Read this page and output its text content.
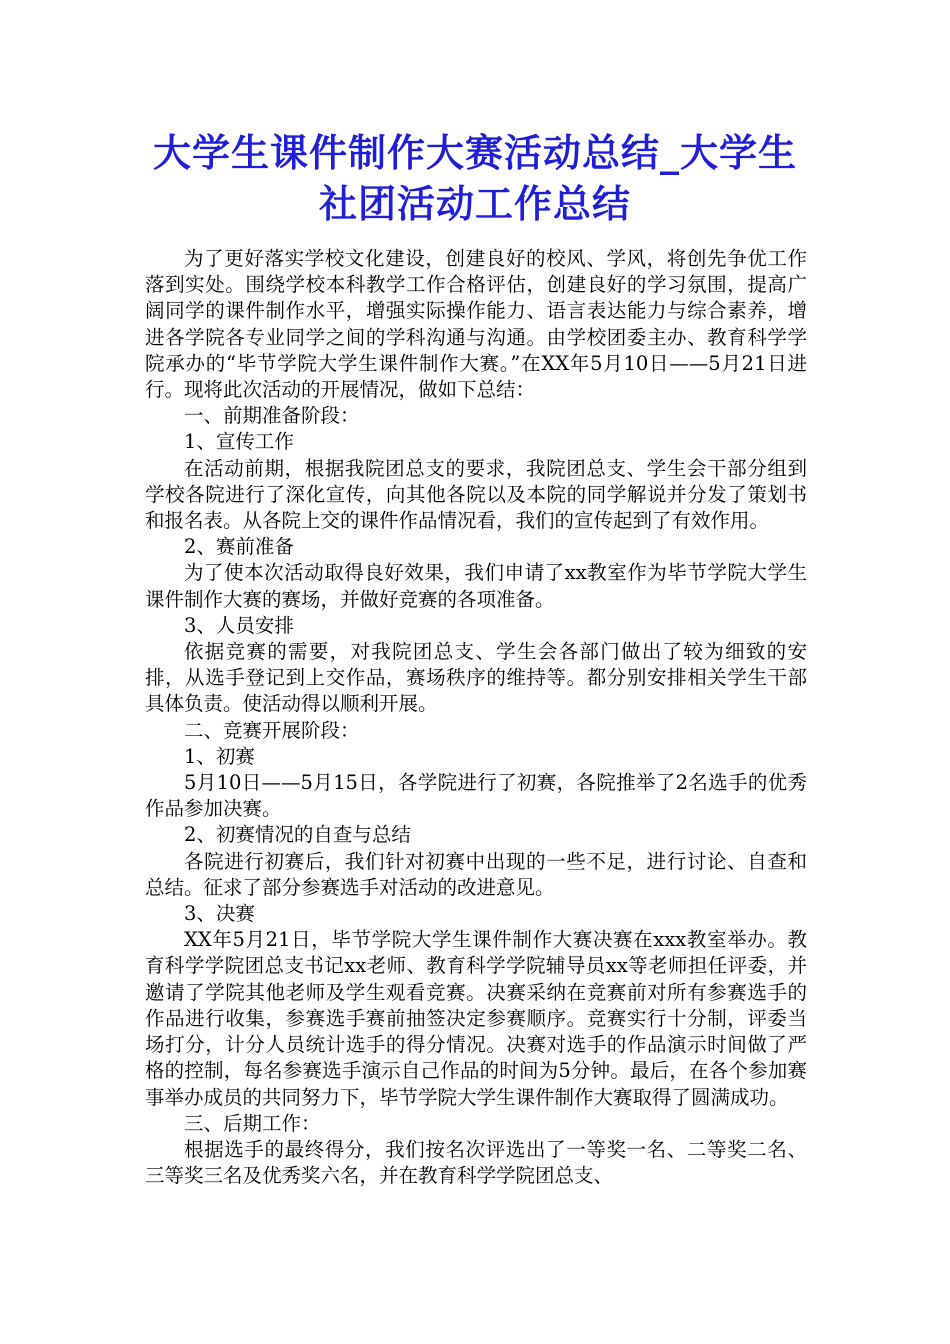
大学生课件制作大赛活动总结_大学生社团活动工作总结

为了更好落实学校文化建设，创建良好的校风、学风，将创先争优工作落到实处。围绕学校本科教学工作合格评估，创建良好的学习氛围，提高广阔同学的课件制作水平，增强实际操作能力、语言表达能力与综合素养，增进各学院各专业同学之间的学科沟通与沟通。由学校团委主办、教育科学学院承办的“毕节学院大学生课件制作大赛。”在XX年5月10日——5月21日进行。现将此次活动的开展情况，做如下总结：

一、前期准备阶段：

1、宣传工作

在活动前期，根据我院团总支的要求，我院团总支、学生会干部分组到学校各院进行了深化宣传，向其他各院以及本院的同学解说并分发了策划书和报名表。从各院上交的课件作品情况看，我们的宣传起到了有效作用。

2、赛前准备

为了使本次活动取得良好效果，我们申请了xx教室作为毕节学院大学生课件制作大赛的赛场，并做好竞赛的各项准备。

3、人员安排

依据竞赛的需要，对我院团总支、学生会各部门做出了较为细致的安排，从选手登记到上交作品，赛场秩序的维持等。都分别安排相关学生干部具体负责。使活动得以顺利开展。

二、竞赛开展阶段：

1、初赛

5月10日——5月15日，各学院进行了初赛，各院推举了2名选手的优秀作品参加决赛。

2、初赛情况的自查与总结

各院进行初赛后，我们针对初赛中出现的一些不足，进行讨论、自查和总结。征求了部分参赛选手对活动的改进意见。

3、决赛

XX年5月21日，毕节学院大学生课件制作大赛决赛在xxx教室举办。教育科学学院团总支书记xx老师、教育科学学院辅导员xx等老师担任评委，并邀请了学院其他老师及学生观看竞赛。决赛采纳在竞赛前对所有参赛选手的作品进行收集，参赛选手赛前抽签决定参赛顺序。竞赛实行十分制，评委当场打分，计分人员统计选手的得分情况。决赛对选手的作品演示时间做了严格的控制，每名参赛选手演示自己作品的时间为5分钟。最后，在各个参加赛事举办成员的共同努力下，毕节学院大学生课件制作大赛取得了圆满成功。

三、后期工作：

根据选手的最终得分，我们按名次评选出了一等奖一名、二等奖二名、三等奖三名及优秀奖六名，并在教育科学学院团总支、
